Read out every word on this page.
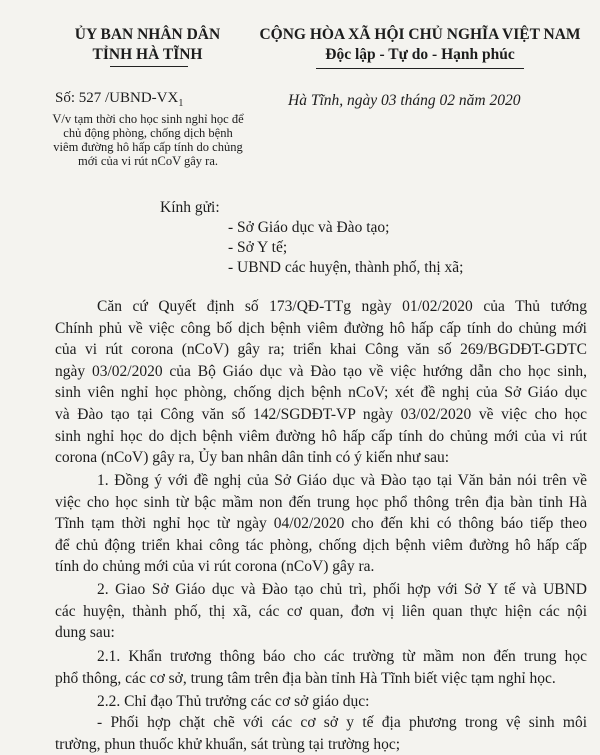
ỦY BAN NHÂN DÂN
TỈNH HÀ TĨNH
CỘNG HÒA XÃ HỘI CHỦ NGHĨA VIỆT NAM
Độc lập - Tự do - Hạnh phúc
Số: 527 $/UBND-VX_1$	Hà Tĩnh, ngày 03 tháng 02 năm 2020
V/v tạm thời cho học sinh nghỉ học để
chủ động phòng, chống dịch bệnh
viêm đường hô hấp cấp tính do chủng
mới của vi rút nCoV gây ra.
Kính gửi:
- Sở Giáo dục và Đào tạo;
- Sở Y tế;
- UBND các huyện, thành phố, thị xã;
Căn cứ Quyết định số 173/QĐ-TTg ngày 01/02/2020 của Thủ tướng
Chính phủ về việc công bố dịch bệnh viêm đường hô hấp cấp tính do chủng mới
của vi rút corona (nCoV) gây ra; triển khai Công văn số 269/BGDĐT-GDTC
ngày 03/02/2020 của Bộ Giáo dục và Đào tạo về việc hướng dẫn cho học sinh,
sinh viên nghỉ học phòng, chống dịch bệnh nCoV; xét đề nghị của Sở Giáo dục
và Đào tạo tại Công văn số 142/SGDĐT-VP ngày 03/02/2020 về việc cho học
sinh nghỉ học do dịch bệnh viêm đường hô hấp cấp tính do chủng mới của vi rút
corona (nCoV) gây ra, Ủy ban nhân dân tỉnh có ý kiến như sau:
1. Đồng ý với đề nghị của Sở Giáo dục và Đào tạo tại Văn bản nói trên về
việc cho học sinh từ bậc mầm non đến trung học phổ thông trên địa bàn tỉnh Hà
Tĩnh tạm thời nghỉ học từ ngày 04/02/2020 cho đến khi có thông báo tiếp theo
để chủ động triển khai công tác phòng, chống dịch bệnh viêm đường hô hấp cấp
tính do chủng mới của vi rút corona (nCoV) gây ra.
2. Giao Sở Giáo dục và Đào tạo chủ trì, phối hợp với Sở Y tế và UBND
các huyện, thành phố, thị xã, các cơ quan, đơn vị liên quan thực hiện các nội
dung sau:
2.1. Khẩn trương thông báo cho các trường từ mầm non đến trung học
phổ thông, các cơ sở, trung tâm trên địa bàn tỉnh Hà Tĩnh biết việc tạm nghỉ học.
2.2. Chỉ đạo Thủ trưởng các cơ sở giáo dục:
- Phối hợp chặt chẽ với các cơ sở y tế địa phương trong vệ sinh môi
trường, phun thuốc khử khuẩn, sát trùng tại trường học;
